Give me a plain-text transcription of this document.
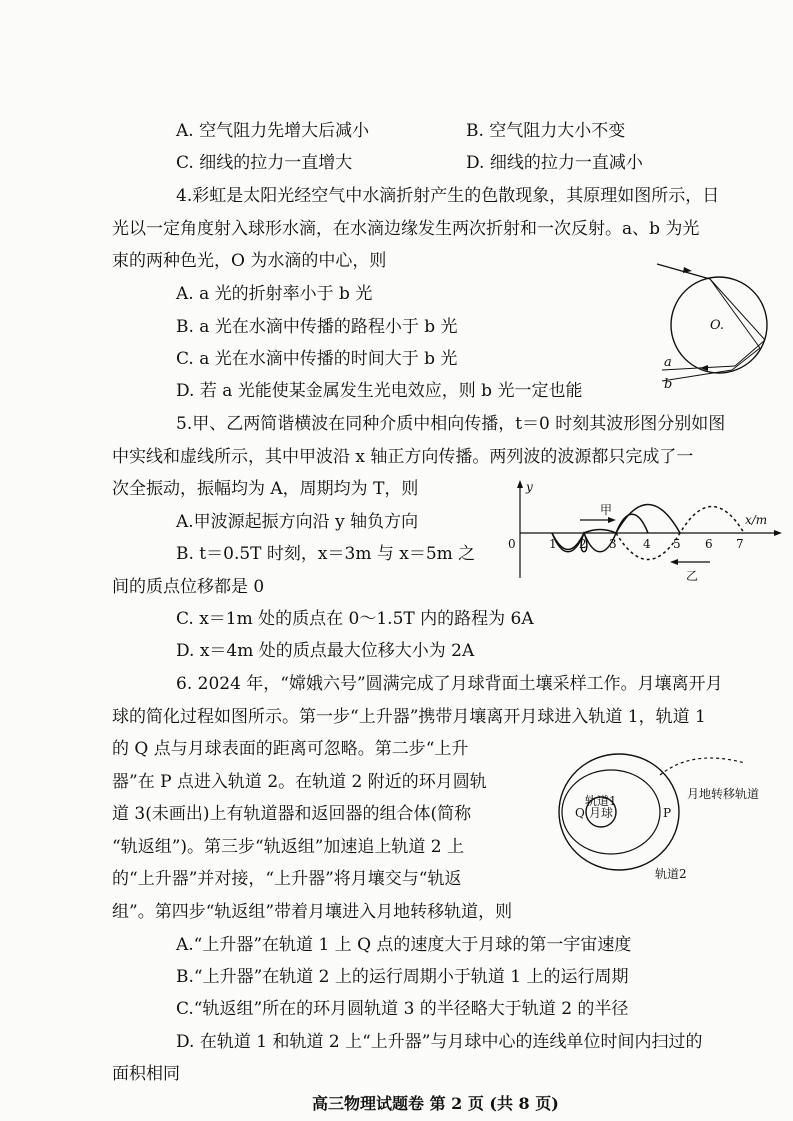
A. 空气阻力先增大后减小	B. 空气阻力大小不变
C. 细线的拉力一直增大	D. 细线的拉力一直减小
4.彩虹是太阳光经空气中水滴折射产生的色散现象，其原理如图所示，日
光以一定角度射入球形水滴，在水滴边缘发生两次折射和一次反射。a、b 为光
束的两种色光，O 为水滴的中心，则
A. a 光的折射率小于 b 光
B. a 光在水滴中传播的路程小于 b 光
C. a 光在水滴中传播的时间大于 b 光
D. 若 a 光能使某金属发生光电效应，则 b 光一定也能
O.
a
b
5.甲、乙两简谐横波在同种介质中相向传播，t＝0 时刻其波形图分别如图
中实线和虚线所示，其中甲波沿 x 轴正方向传播。两列波的波源都只完成了一
次全振动，振幅均为 A，周期均为 T，则
A.甲波源起振方向沿 y 轴负方向
B. t＝0.5T 时刻，x＝3m 与 x＝5m 之
间的质点位移都是 0
C. x＝1m 处的质点在 0～1.5T 内的路程为 6A
D. x＝4m 处的质点最大位移大小为 2A
y
x/m
0	1 2 3 4 5 6 7
甲
乙
6. 2024 年，“嫦娥六号”圆满完成了月球背面土壤采样工作。月壤离开月
球的简化过程如图所示。第一步“上升器”携带月壤离开月球进入轨道 1，轨道 1
的 Q 点与月球表面的距离可忽略。第二步“上升
器”在 P 点进入轨道 2。在轨道 2 附近的环月圆轨
道 3(未画出)上有轨道器和返回器的组合体(简称
“轨返组”)。第三步“轨返组”加速追上轨道 2 上
的“上升器”并对接，“上升器”将月壤交与“轨返
组”。第四步“轨返组”带着月壤进入月地转移轨道，则
A.“上升器”在轨道 1 上 Q 点的速度大于月球的第一宇宙速度
B.“上升器”在轨道 2 上的运行周期小于轨道 1 上的运行周期
C.“轨返组”所在的环月圆轨道 3 的半径略大于轨道 2 的半径
D. 在轨道 1 和轨道 2 上“上升器”与月球中心的连线单位时间内扫过的
面积相同
轨道1
轨道2
月地转移轨道
月球
Q	P
高三物理试题卷 第 2 页 (共 8 页)
